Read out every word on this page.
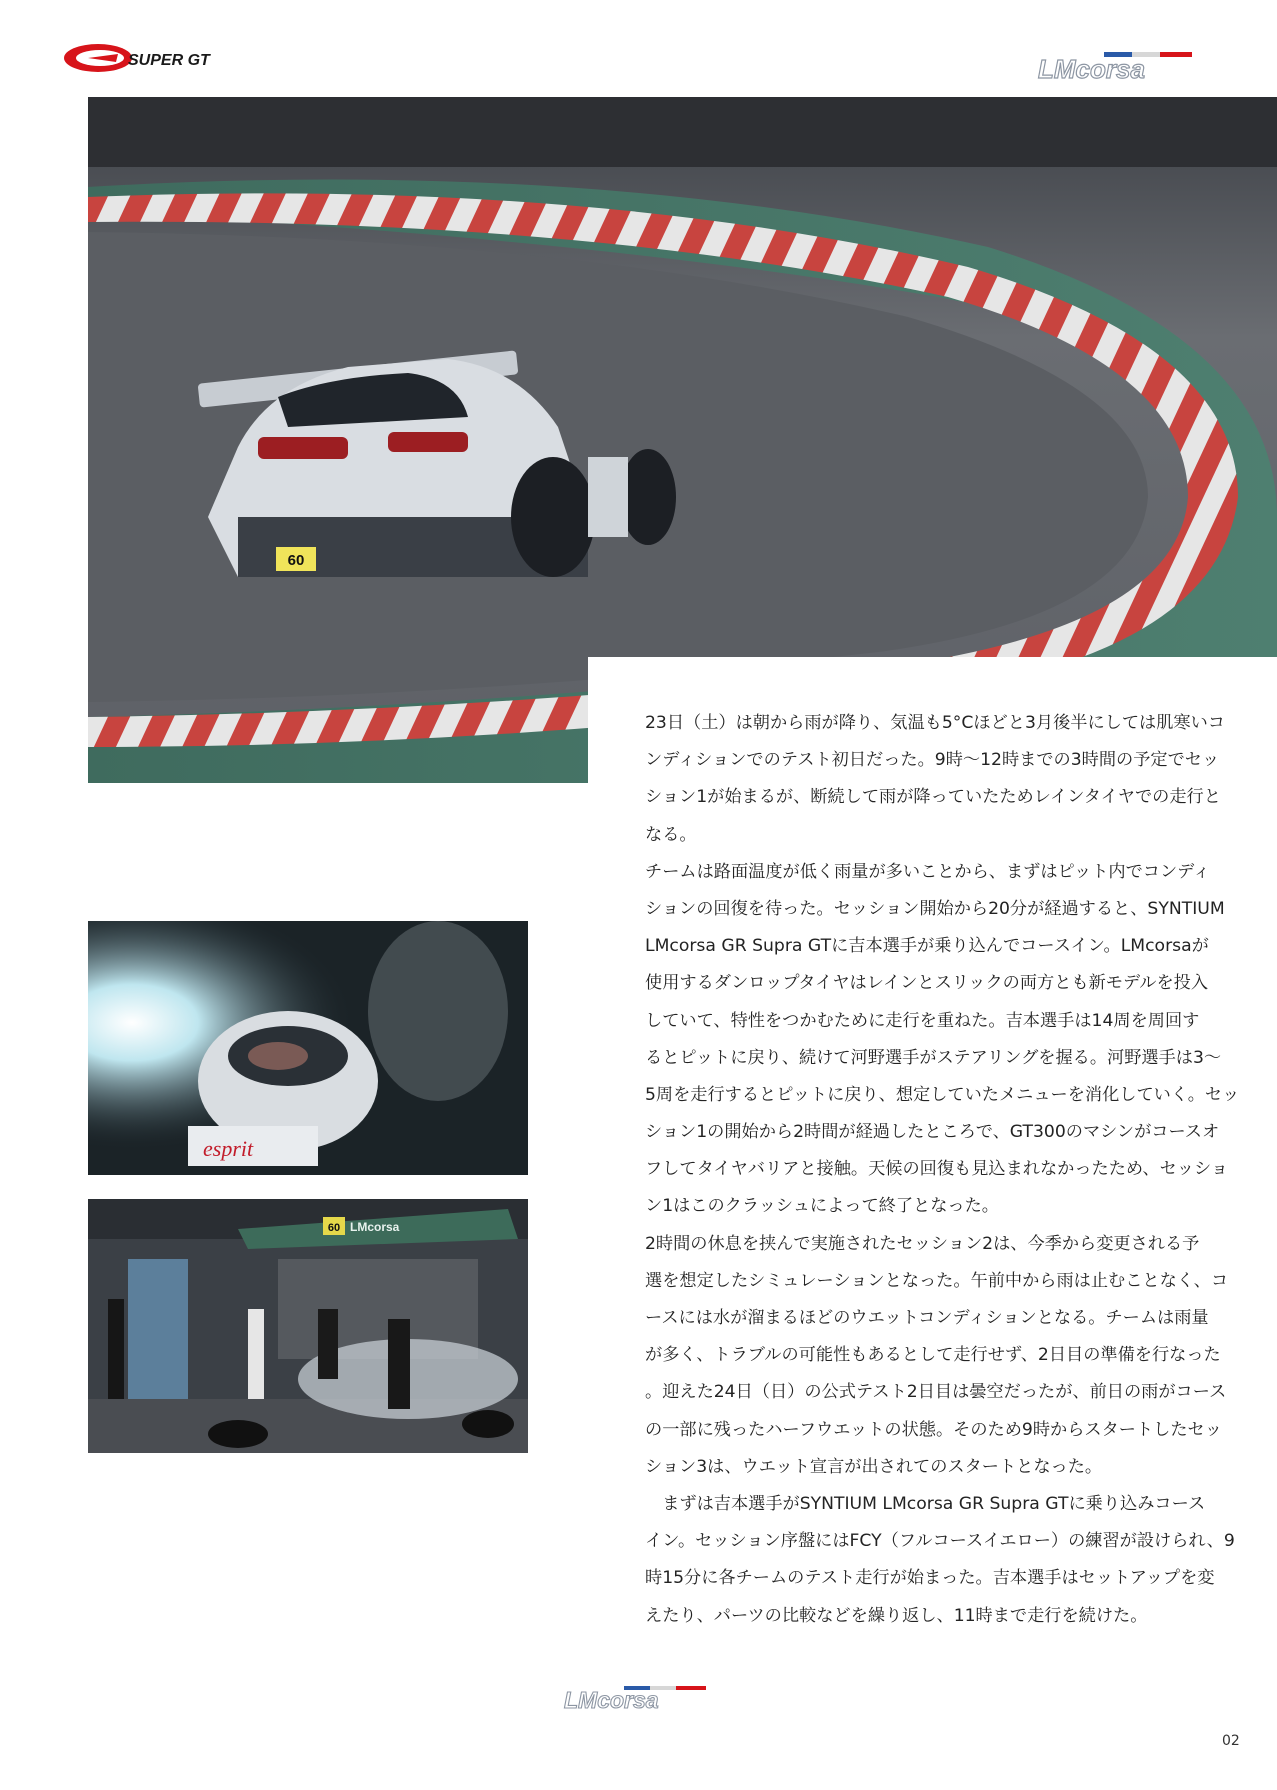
SUPER GT	LMcorsa
60
esprit
60 LMcorsa
23日（土）は朝から雨が降り、気温も5°Cほどと3月後半にしては肌寒いコ
ンディションでのテスト初日だった。9時〜12時までの3時間の予定でセッ
ション1が始まるが、断続して雨が降っていたためレインタイヤでの走行と
なる。
チームは路面温度が低く雨量が多いことから、まずはピット内でコンディ
ションの回復を待った。セッション開始から20分が経過すると、SYNTIUM
LMcorsa GR Supra GTに吉本選手が乗り込んでコースイン。LMcorsaが
使用するダンロップタイヤはレインとスリックの両方とも新モデルを投入
していて、特性をつかむために走行を重ねた。吉本選手は14周を周回す
るとピットに戻り、続けて河野選手がステアリングを握る。河野選手は3〜
5周を走行するとピットに戻り、想定していたメニューを消化していく。セッ
ション1の開始から2時間が経過したところで、GT300のマシンがコースオ
フしてタイヤバリアと接触。天候の回復も見込まれなかったため、セッショ
ン1はこのクラッシュによって終了となった。
2時間の休息を挟んで実施されたセッション2は、今季から変更される予
選を想定したシミュレーションとなった。午前中から雨は止むことなく、コ
ースには水が溜まるほどのウエットコンディションとなる。チームは雨量
が多く、トラブルの可能性もあるとして走行せず、2日目の準備を行なった
。迎えた24日（日）の公式テスト2日目は曇空だったが、前日の雨がコース
の一部に残ったハーフウエットの状態。そのため9時からスタートしたセッ
ション3は、ウエット宣言が出されてのスタートとなった。
　まずは吉本選手がSYNTIUM LMcorsa GR Supra GTに乗り込みコース
イン。セッション序盤にはFCY（フルコースイエロー）の練習が設けられ、9
時15分に各チームのテスト走行が始まった。吉本選手はセットアップを変
えたり、パーツの比較などを繰り返し、11時まで走行を続けた。
LMcorsa
02
